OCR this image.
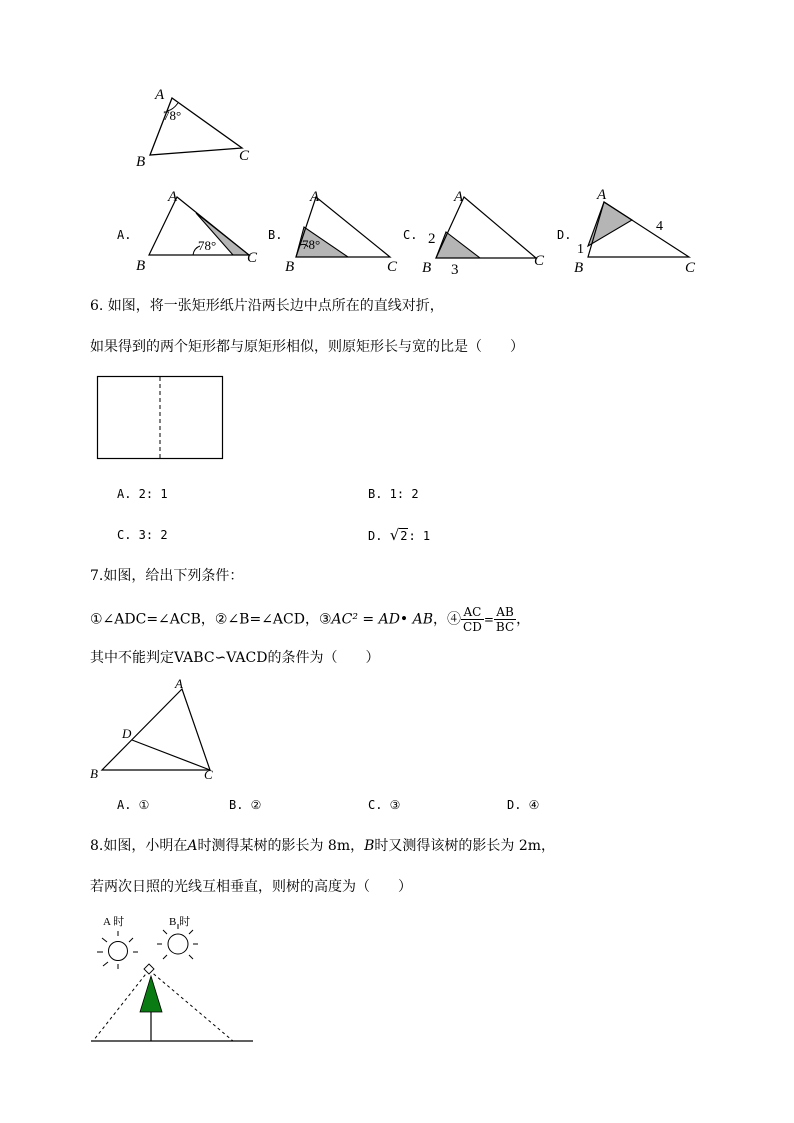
A
B	C
78°
A.
A
B	C
78°
B.
A
B	C
78°
C.
A
B	C
2
3
D.
A
B	C
1
4
6. 如图，将一张矩形纸片沿两长边中点所在的直线对折，
如果得到的两个矩形都与原矩形相似，则原矩形长与宽的比是（　　）
A. 2: 1	B. 1: 2
C. 3: 2	D. √2: 1
7.如图，给出下列条件：
①∠ADC=∠ACB，②∠B=∠ACD，③AC² = AD• AB，④ $\frac{AC}{CD} = \frac{AB}{BC}$ ，
其中不能判定VABC∽VACD的条件为（　　）
A
D
B	C
A. ①	B. ②	C. ③	D. ④
8.如图，小明在A时测得某树的影长为 8m，B时又测得该树的影长为 2m，
若两次日照的光线互相垂直，则树的高度为（　　）
A 时	B 时
